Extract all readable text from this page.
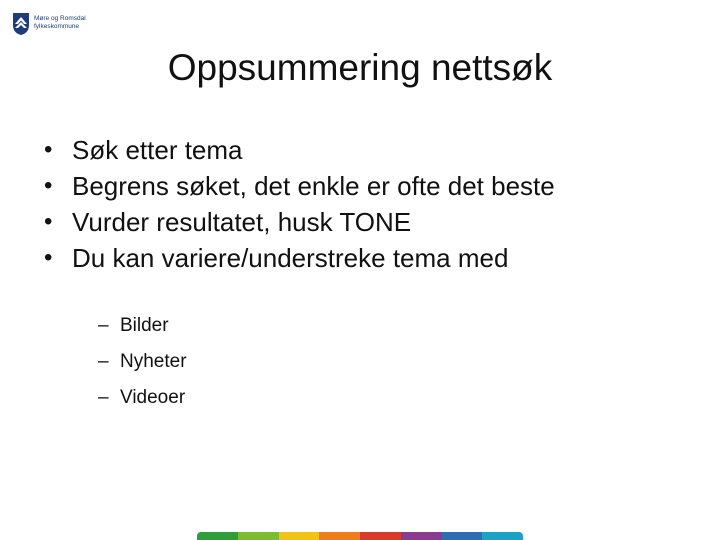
Møre og Romsdal
fylkeskommune
Oppsummering nettsøk
• Søk etter tema
• Begrens søket, det enkle er ofte det beste
• Vurder resultatet, husk TONE
• Du kan variere/understreke tema med
– Bilder
– Nyheter
– Videoer
